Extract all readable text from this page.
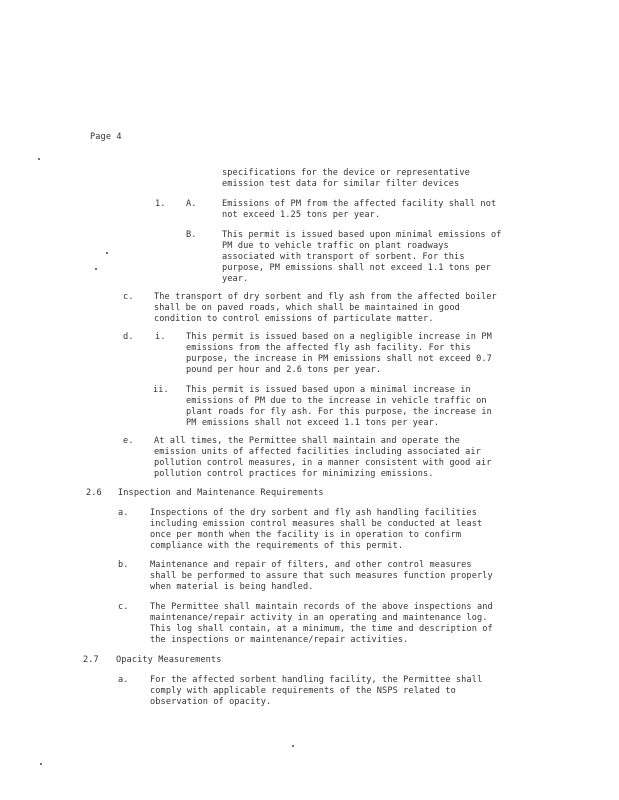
Page 4
specifications for the device or representative
emission test data for similar filter devices
1. A.	Emissions of PM from the affected facility shall not
not exceed 1.25 tons per year.
B.	This permit is issued based upon minimal emissions of
PM due to vehicle traffic on plant roadways
associated with transport of sorbent. For this
purpose, PM emissions shall not exceed 1.1 tons per
year.
c. The transport of dry sorbent and fly ash from the affected boiler
shall be on paved roads, which shall be maintained in good
condition to control emissions of particulate matter.
d. i. This permit is issued based on a negligible increase in PM
emissions from the affected fly ash facility. For this
purpose, the increase in PM emissions shall not exceed 0.7
pound per hour and 2.6 tons per year.
ii. This permit is issued based upon a minimal increase in
emissions of PM due to the increase in vehicle traffic on
plant roads for fly ash. For this purpose, the increase in
PM emissions shall not exceed 1.1 tons per year.
e. At all times, the Permittee shall maintain and operate the
emission units of affected facilities including associated air
pollution control measures, in a manner consistent with good air
pollution control practices for minimizing emissions.
2.6 Inspection and Maintenance Requirements
a. Inspections of the dry sorbent and fly ash handling facilities
including emission control measures shall be conducted at least
once per month when the facility is in operation to confirm
compliance with the requirements of this permit.
b. Maintenance and repair of filters, and other control measures
shall be performed to assure that such measures function properly
when material is being handled.
c. The Permittee shall maintain records of the above inspections and
maintenance/repair activity in an operating and maintenance log.
This log shall contain, at a minimum, the time and description of
the inspections or maintenance/repair activities.
2.7 Opacity Measurements
a. For the affected sorbent handling facility, the Permittee shall
comply with applicable requirements of the NSPS related to
observation of opacity.
